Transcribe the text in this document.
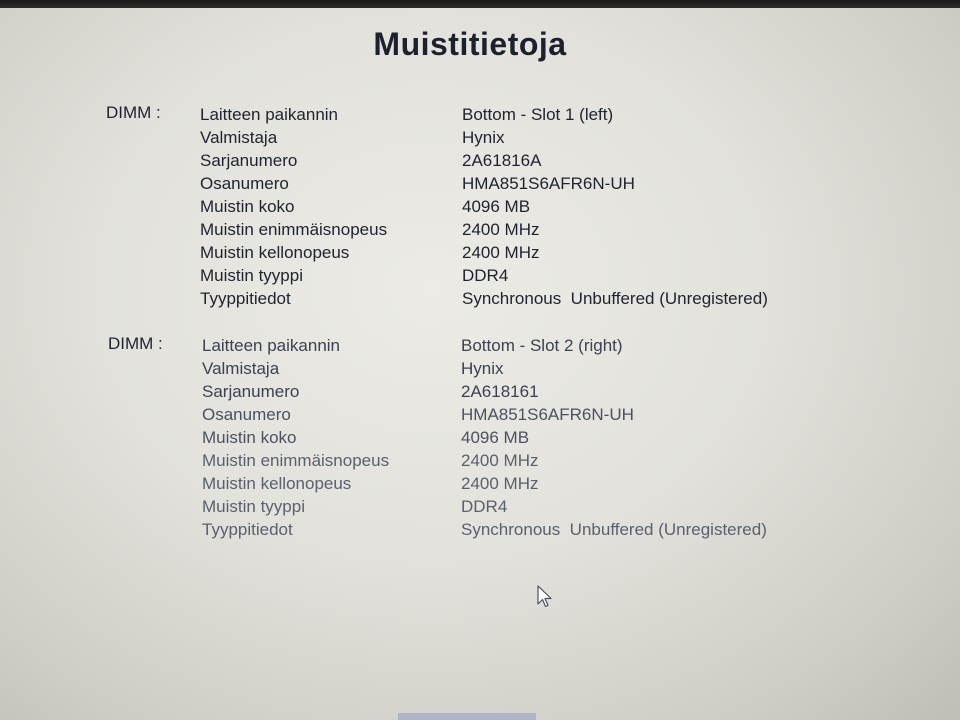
Muistitietoja
DIMM : Laitteen paikannin	Bottom - Slot 1 (left)
Valmistaja	Hynix
Sarjanumero	2A61816A
Osanumero	HMA851S6AFR6N-UH
Muistin koko	4096 MB
Muistin enimmäisnopeus	2400 MHz
Muistin kellonopeus	2400 MHz
Muistin tyyppi	DDR4
Tyyppitiedot	Synchronous  Unbuffered (Unregistered)
DIMM : Laitteen paikannin	Bottom - Slot 2 (right)
Valmistaja	Hynix
Sarjanumero	2A618161
Osanumero	HMA851S6AFR6N-UH
Muistin koko	4096 MB
Muistin enimmäisnopeus	2400 MHz
Muistin kellonopeus	2400 MHz
Muistin tyyppi	DDR4
Tyyppitiedot	Synchronous  Unbuffered (Unregistered)
